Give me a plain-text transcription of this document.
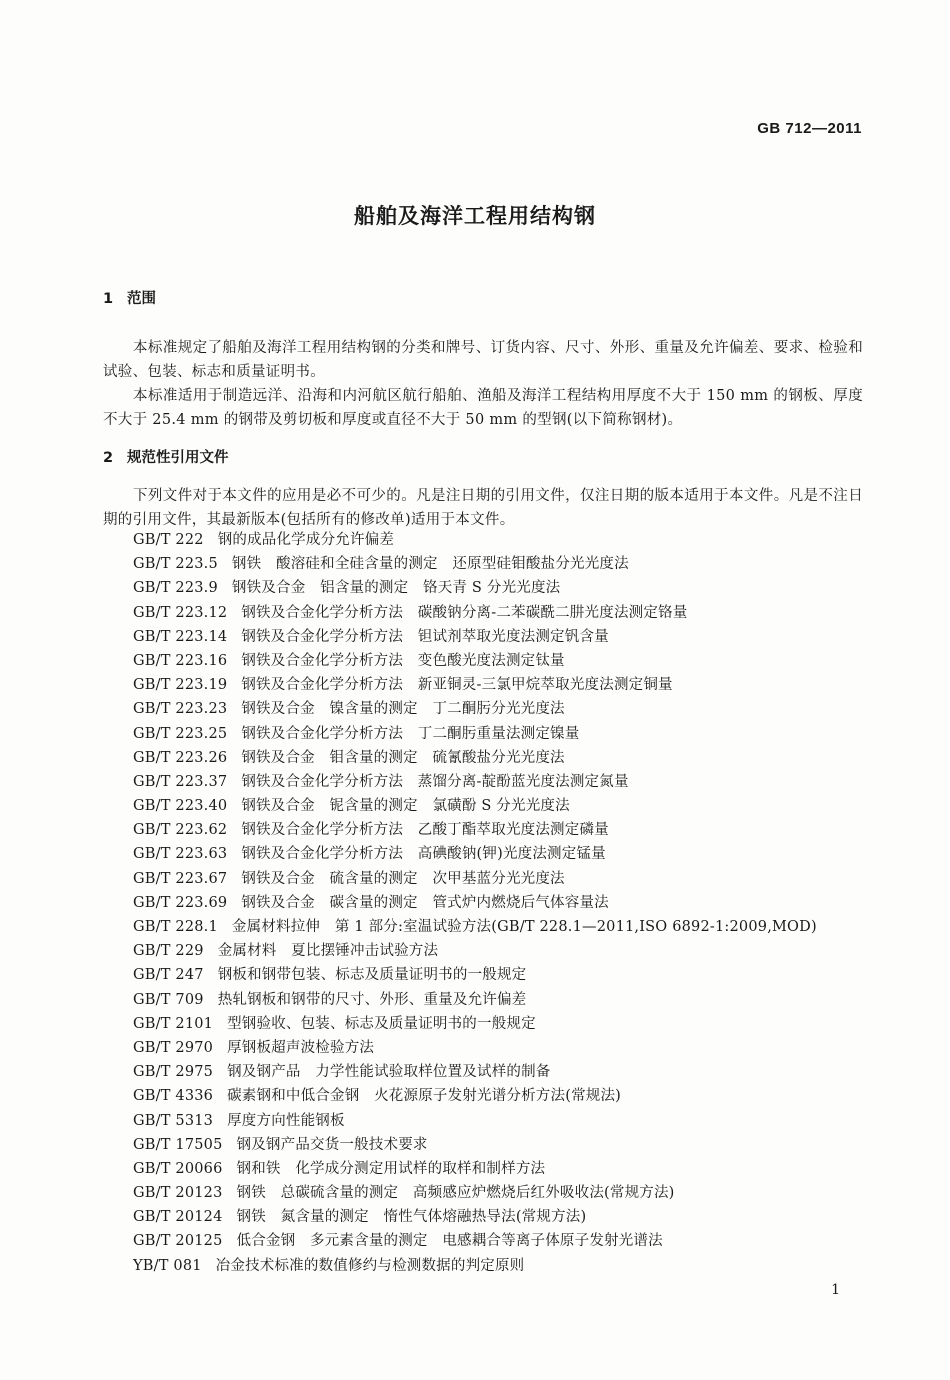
GB 712—2011
船舶及海洋工程用结构钢
1 范围
本标准规定了船舶及海洋工程用结构钢的分类和牌号、订货内容、尺寸、外形、重量及允许偏差、要求、检验和试验、包装、标志和质量证明书。
本标准适用于制造远洋、沿海和内河航区航行船舶、渔船及海洋工程结构用厚度不大于 150 mm 的钢板、厚度不大于 25.4 mm 的钢带及剪切板和厚度或直径不大于 50 mm 的型钢(以下简称钢材)。
2 规范性引用文件
下列文件对于本文件的应用是必不可少的。凡是注日期的引用文件，仅注日期的版本适用于本文件。凡是不注日期的引用文件，其最新版本(包括所有的修改单)适用于本文件。
GB/T 222 钢的成品化学成分允许偏差
GB/T 223.5 钢铁　酸溶硅和全硅含量的测定　还原型硅钼酸盐分光光度法
GB/T 223.9 钢铁及合金　铝含量的测定　铬天青 S 分光光度法
GB/T 223.12 钢铁及合金化学分析方法　碳酸钠分离-二苯碳酰二肼光度法测定铬量
GB/T 223.14 钢铁及合金化学分析方法　钽试剂萃取光度法测定钒含量
GB/T 223.16 钢铁及合金化学分析方法　变色酸光度法测定钛量
GB/T 223.19 钢铁及合金化学分析方法　新亚铜灵-三氯甲烷萃取光度法测定铜量
GB/T 223.23 钢铁及合金　镍含量的测定　丁二酮肟分光光度法
GB/T 223.25 钢铁及合金化学分析方法　丁二酮肟重量法测定镍量
GB/T 223.26 钢铁及合金　钼含量的测定　硫氰酸盐分光光度法
GB/T 223.37 钢铁及合金化学分析方法　蒸馏分离-靛酚蓝光度法测定氮量
GB/T 223.40 钢铁及合金　铌含量的测定　氯磺酚 S 分光光度法
GB/T 223.62 钢铁及合金化学分析方法　乙酸丁酯萃取光度法测定磷量
GB/T 223.63 钢铁及合金化学分析方法　高碘酸钠(钾)光度法测定锰量
GB/T 223.67 钢铁及合金　硫含量的测定　次甲基蓝分光光度法
GB/T 223.69 钢铁及合金　碳含量的测定　管式炉内燃烧后气体容量法
GB/T 228.1 金属材料拉伸　第 1 部分:室温试验方法(GB/T 228.1—2011,ISO 6892-1:2009,MOD)
GB/T 229 金属材料　夏比摆锤冲击试验方法
GB/T 247 钢板和钢带包装、标志及质量证明书的一般规定
GB/T 709 热轧钢板和钢带的尺寸、外形、重量及允许偏差
GB/T 2101 型钢验收、包装、标志及质量证明书的一般规定
GB/T 2970 厚钢板超声波检验方法
GB/T 2975 钢及钢产品　力学性能试验取样位置及试样的制备
GB/T 4336 碳素钢和中低合金钢　火花源原子发射光谱分析方法(常规法)
GB/T 5313 厚度方向性能钢板
GB/T 17505 钢及钢产品交货一般技术要求
GB/T 20066 钢和铁　化学成分测定用试样的取样和制样方法
GB/T 20123 钢铁　总碳硫含量的测定　高频感应炉燃烧后红外吸收法(常规方法)
GB/T 20124 钢铁　氮含量的测定　惰性气体熔融热导法(常规方法)
GB/T 20125 低合金钢　多元素含量的测定　电感耦合等离子体原子发射光谱法
YB/T 081 冶金技术标准的数值修约与检测数据的判定原则
1
